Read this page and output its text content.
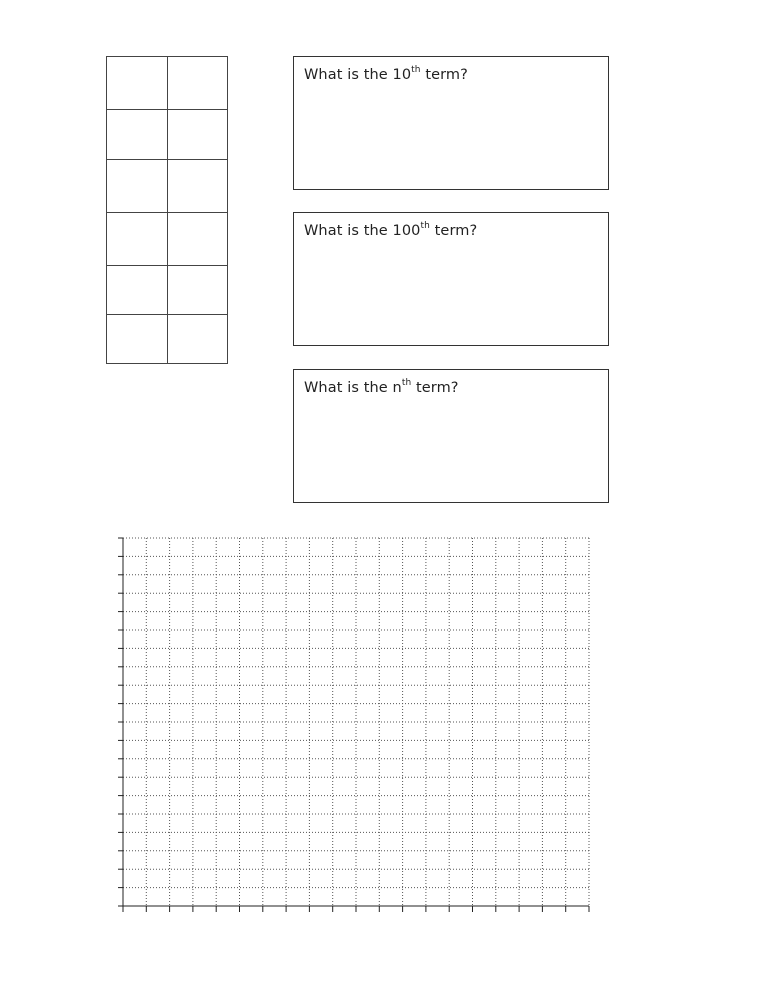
What is the 10th term?
What is the 100th term?
What is the $n^{th}$ term?
